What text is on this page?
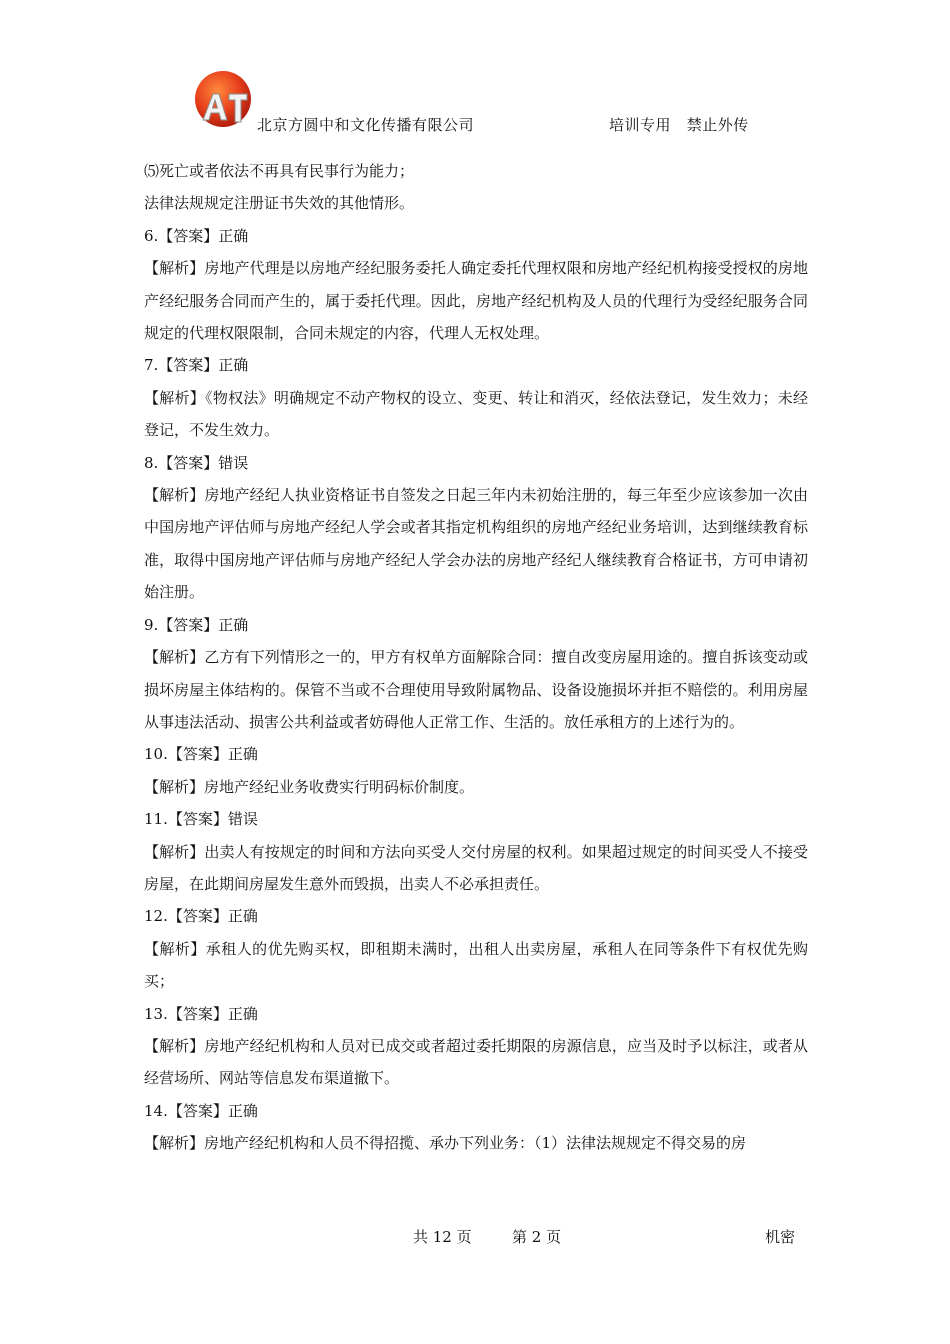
北京方圆中和文化传播有限公司	培训专用   禁止外传

⑸死亡或者依法不再具有民事行为能力；

法律法规规定注册证书失效的其他情形。

6.【答案】正确

【解析】房地产代理是以房地产经纪服务委托人确定委托代理权限和房地产经纪机构接受授权的房地产经纪服务合同而产生的，属于委托代理。因此，房地产经纪机构及人员的代理行为受经纪服务合同规定的代理权限限制，合同未规定的内容，代理人无权处理。

7.【答案】正确

【解析】《物权法》明确规定不动产物权的设立、变更、转让和消灭，经依法登记，发生效力；未经登记，不发生效力。

8.【答案】错误

【解析】房地产经纪人执业资格证书自签发之日起三年内未初始注册的，每三年至少应该参加一次由中国房地产评估师与房地产经纪人学会或者其指定机构组织的房地产经纪业务培训，达到继续教育标准，取得中国房地产评估师与房地产经纪人学会办法的房地产经纪人继续教育合格证书，方可申请初始注册。

9.【答案】正确

【解析】乙方有下列情形之一的，甲方有权单方面解除合同：擅自改变房屋用途的。擅自拆该变动或损坏房屋主体结构的。保管不当或不合理使用导致附属物品、设备设施损坏并拒不赔偿的。利用房屋从事违法活动、损害公共利益或者妨碍他人正常工作、生活的。放任承租方的上述行为的。

10.【答案】正确

【解析】房地产经纪业务收费实行明码标价制度。

11.【答案】错误

【解析】出卖人有按规定的时间和方法向买受人交付房屋的权利。如果超过规定的时间买受人不接受房屋，在此期间房屋发生意外而毁损，出卖人不必承担责任。

12.【答案】正确

【解析】承租人的优先购买权，即租期未满时，出租人出卖房屋，承租人在同等条件下有权优先购买；

13.【答案】正确

【解析】房地产经纪机构和人员对已成交或者超过委托期限的房源信息，应当及时予以标注，或者从经营场所、网站等信息发布渠道撤下。

14.【答案】正确

【解析】房地产经纪机构和人员不得招揽、承办下列业务：（1）法律法规规定不得交易的房

共 12 页	第 2 页	机密
